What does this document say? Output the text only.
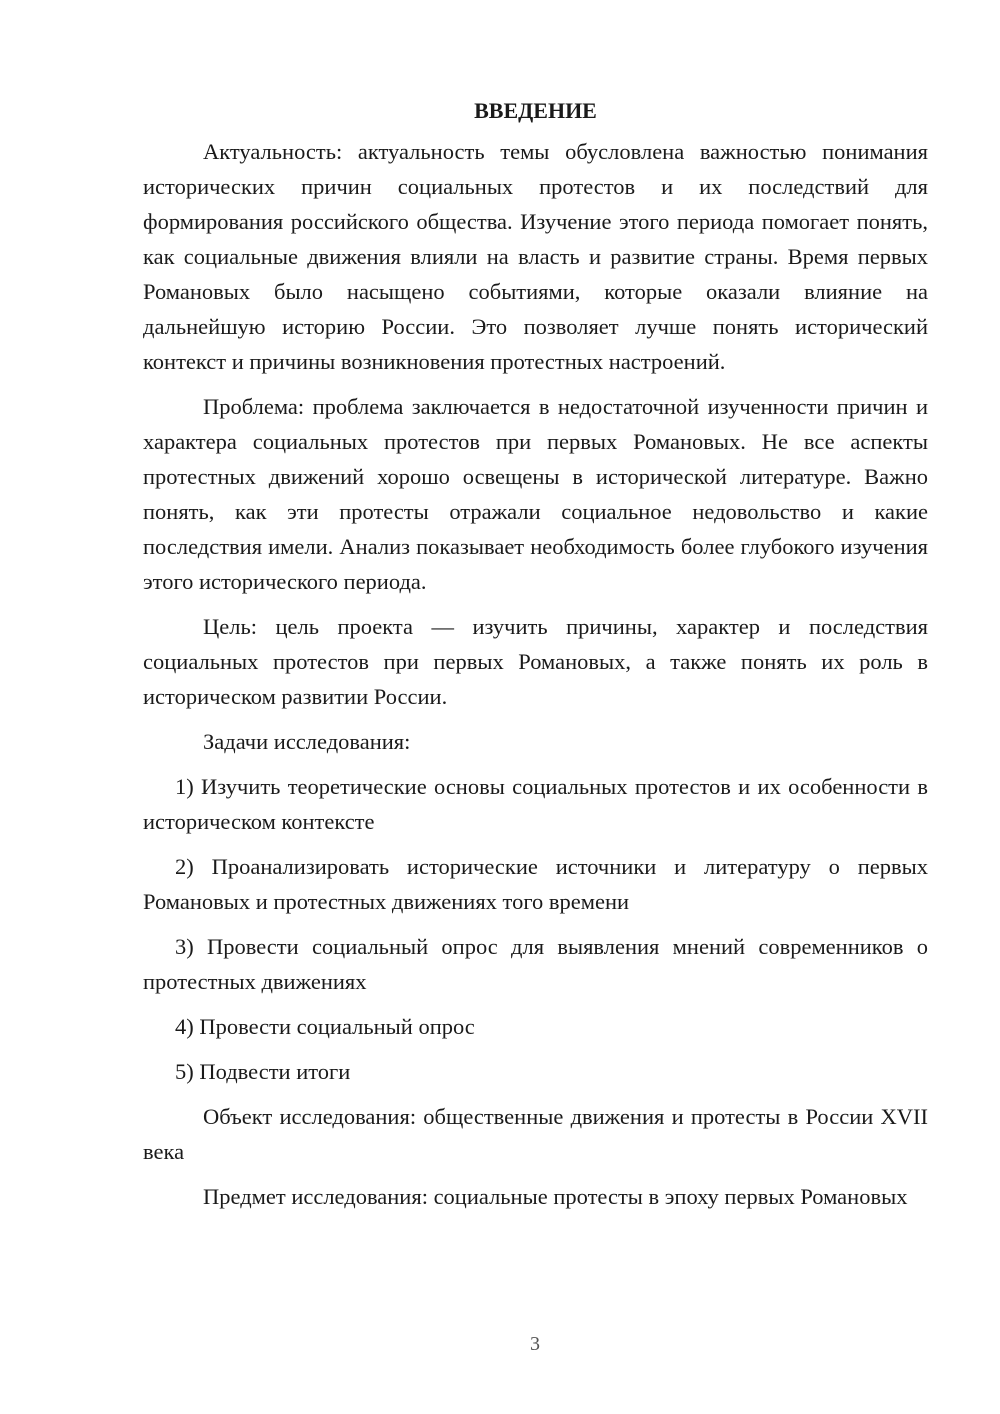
ВВЕДЕНИЕ

Актуальность: актуальность темы обусловлена важностью понимания исторических причин социальных протестов и их последствий для формирования российского общества. Изучение этого периода помогает понять, как социальные движения влияли на власть и развитие страны. Время первых Романовых было насыщено событиями, которые оказали влияние на дальнейшую историю России. Это позволяет лучше понять исторический контекст и причины возникновения протестных настроений.

Проблема: проблема заключается в недостаточной изученности причин и характера социальных протестов при первых Романовых. Не все аспекты протестных движений хорошо освещены в исторической литературе. Важно понять, как эти протесты отражали социальное недовольство и какие последствия имели. Анализ показывает необходимость более глубокого изучения этого исторического периода.

Цель: цель проекта — изучить причины, характер и последствия социальных протестов при первых Романовых, а также понять их роль в историческом развитии России.

Задачи исследования:

1) Изучить теоретические основы социальных протестов и их особенности в историческом контексте

2) Проанализировать исторические источники и литературу о первых Романовых и протестных движениях того времени

3) Провести социальный опрос для выявления мнений современников о протестных движениях

4) Провести социальный опрос

5) Подвести итоги

Объект исследования: общественные движения и протесты в России XVII века

Предмет исследования: социальные протесты в эпоху первых Романовых

3
